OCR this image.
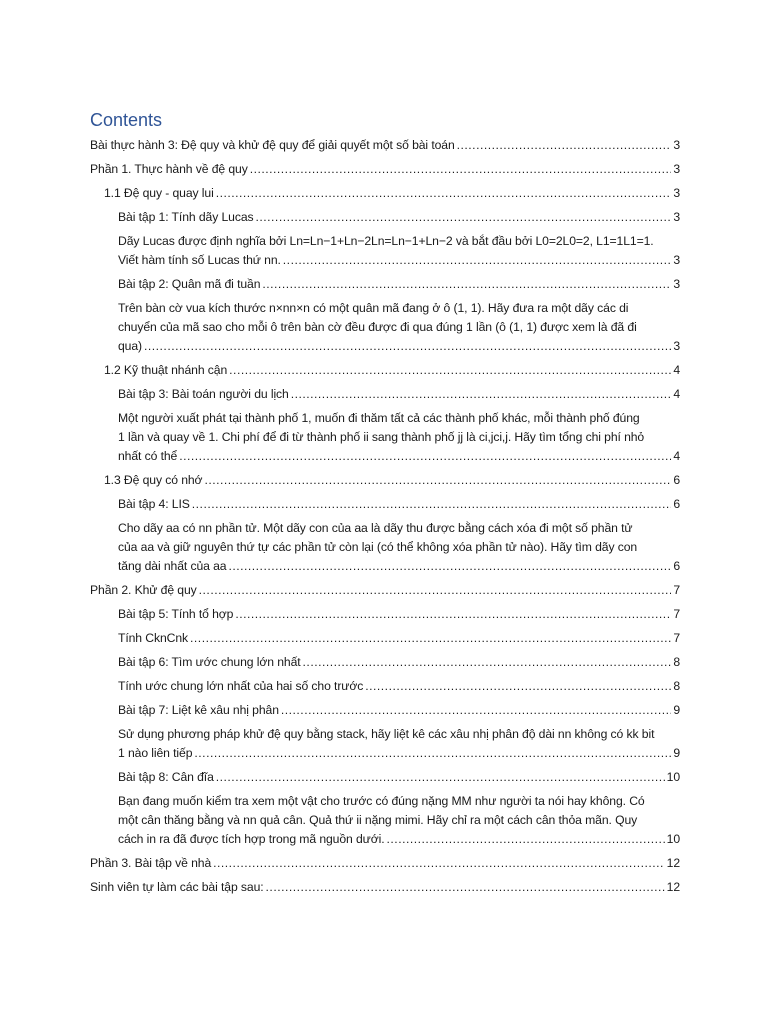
Contents
Bài thực hành 3: Đệ quy và khử đệ quy để giải quyết một số bài toán .....	3
Phần 1. Thực hành về đệ quy .....	3
1.1 Đệ quy - quay lui .....	3
Bài tập 1: Tính dãy Lucas .....	3
Dãy Lucas được định nghĩa bởi Ln=Ln−1+Ln−2Ln=Ln−1+Ln−2 và bắt đầu bởi L0=2L0=2, L1=1L1=1.
Viết hàm tính số Lucas thứ nn. .....	3
Bài tập 2: Quân mã đi tuần .....	3
Trên bàn cờ vua kích thước n×nn×n có một quân mã đang ở ô (1, 1). Hãy đưa ra một dãy các di
chuyển của mã sao cho mỗi ô trên bàn cờ đều được đi qua đúng 1 lần (ô (1, 1) được xem là đã đi
qua) .....	3
1.2 Kỹ thuật nhánh cận .....	4
Bài tập 3: Bài toán người du lịch .....	4
Một người xuất phát tại thành phố 1, muốn đi thăm tất cả các thành phố khác, mỗi thành phố đúng
1 lần và quay về 1. Chi phí để đi từ thành phố ii sang thành phố jj là ci,jci,j. Hãy tìm tổng chi phí nhỏ
nhất có thể .....	4
1.3 Đệ quy có nhớ .....	6
Bài tập 4: LIS .....	6
Cho dãy aa có nn phần tử. Một dãy con của aa là dãy thu được bằng cách xóa đi một số phần tử
của aa và giữ nguyên thứ tự các phần tử còn lại (có thể không xóa phần tử nào). Hãy tìm dãy con
tăng dài nhất của aa .....	6
Phần 2. Khử đệ quy .....	7
Bài tập 5: Tính tổ hợp .....	7
Tính CknCnk .....	7
Bài tập 6: Tìm ước chung lớn nhất .....	8
Tính ước chung lớn nhất của hai số cho trước .....	8
Bài tập 7: Liệt kê xâu nhị phân .....	9
Sử dụng phương pháp khử đệ quy bằng stack, hãy liệt kê các xâu nhị phân độ dài nn không có kk bit
1 nào liên tiếp .....	9
Bài tập 8: Cân đĩa .....	10
Bạn đang muốn kiểm tra xem một vật cho trước có đúng nặng MM như người ta nói hay không. Có
một cân thăng bằng và nn quả cân. Quả thứ ii nặng mimi. Hãy chỉ ra một cách cân thỏa mãn. Quy
cách in ra đã được tích hợp trong mã nguồn dưới. .....	10
Phần 3. Bài tập về nhà .....	12
Sinh viên tự làm các bài tập sau: .....	12
